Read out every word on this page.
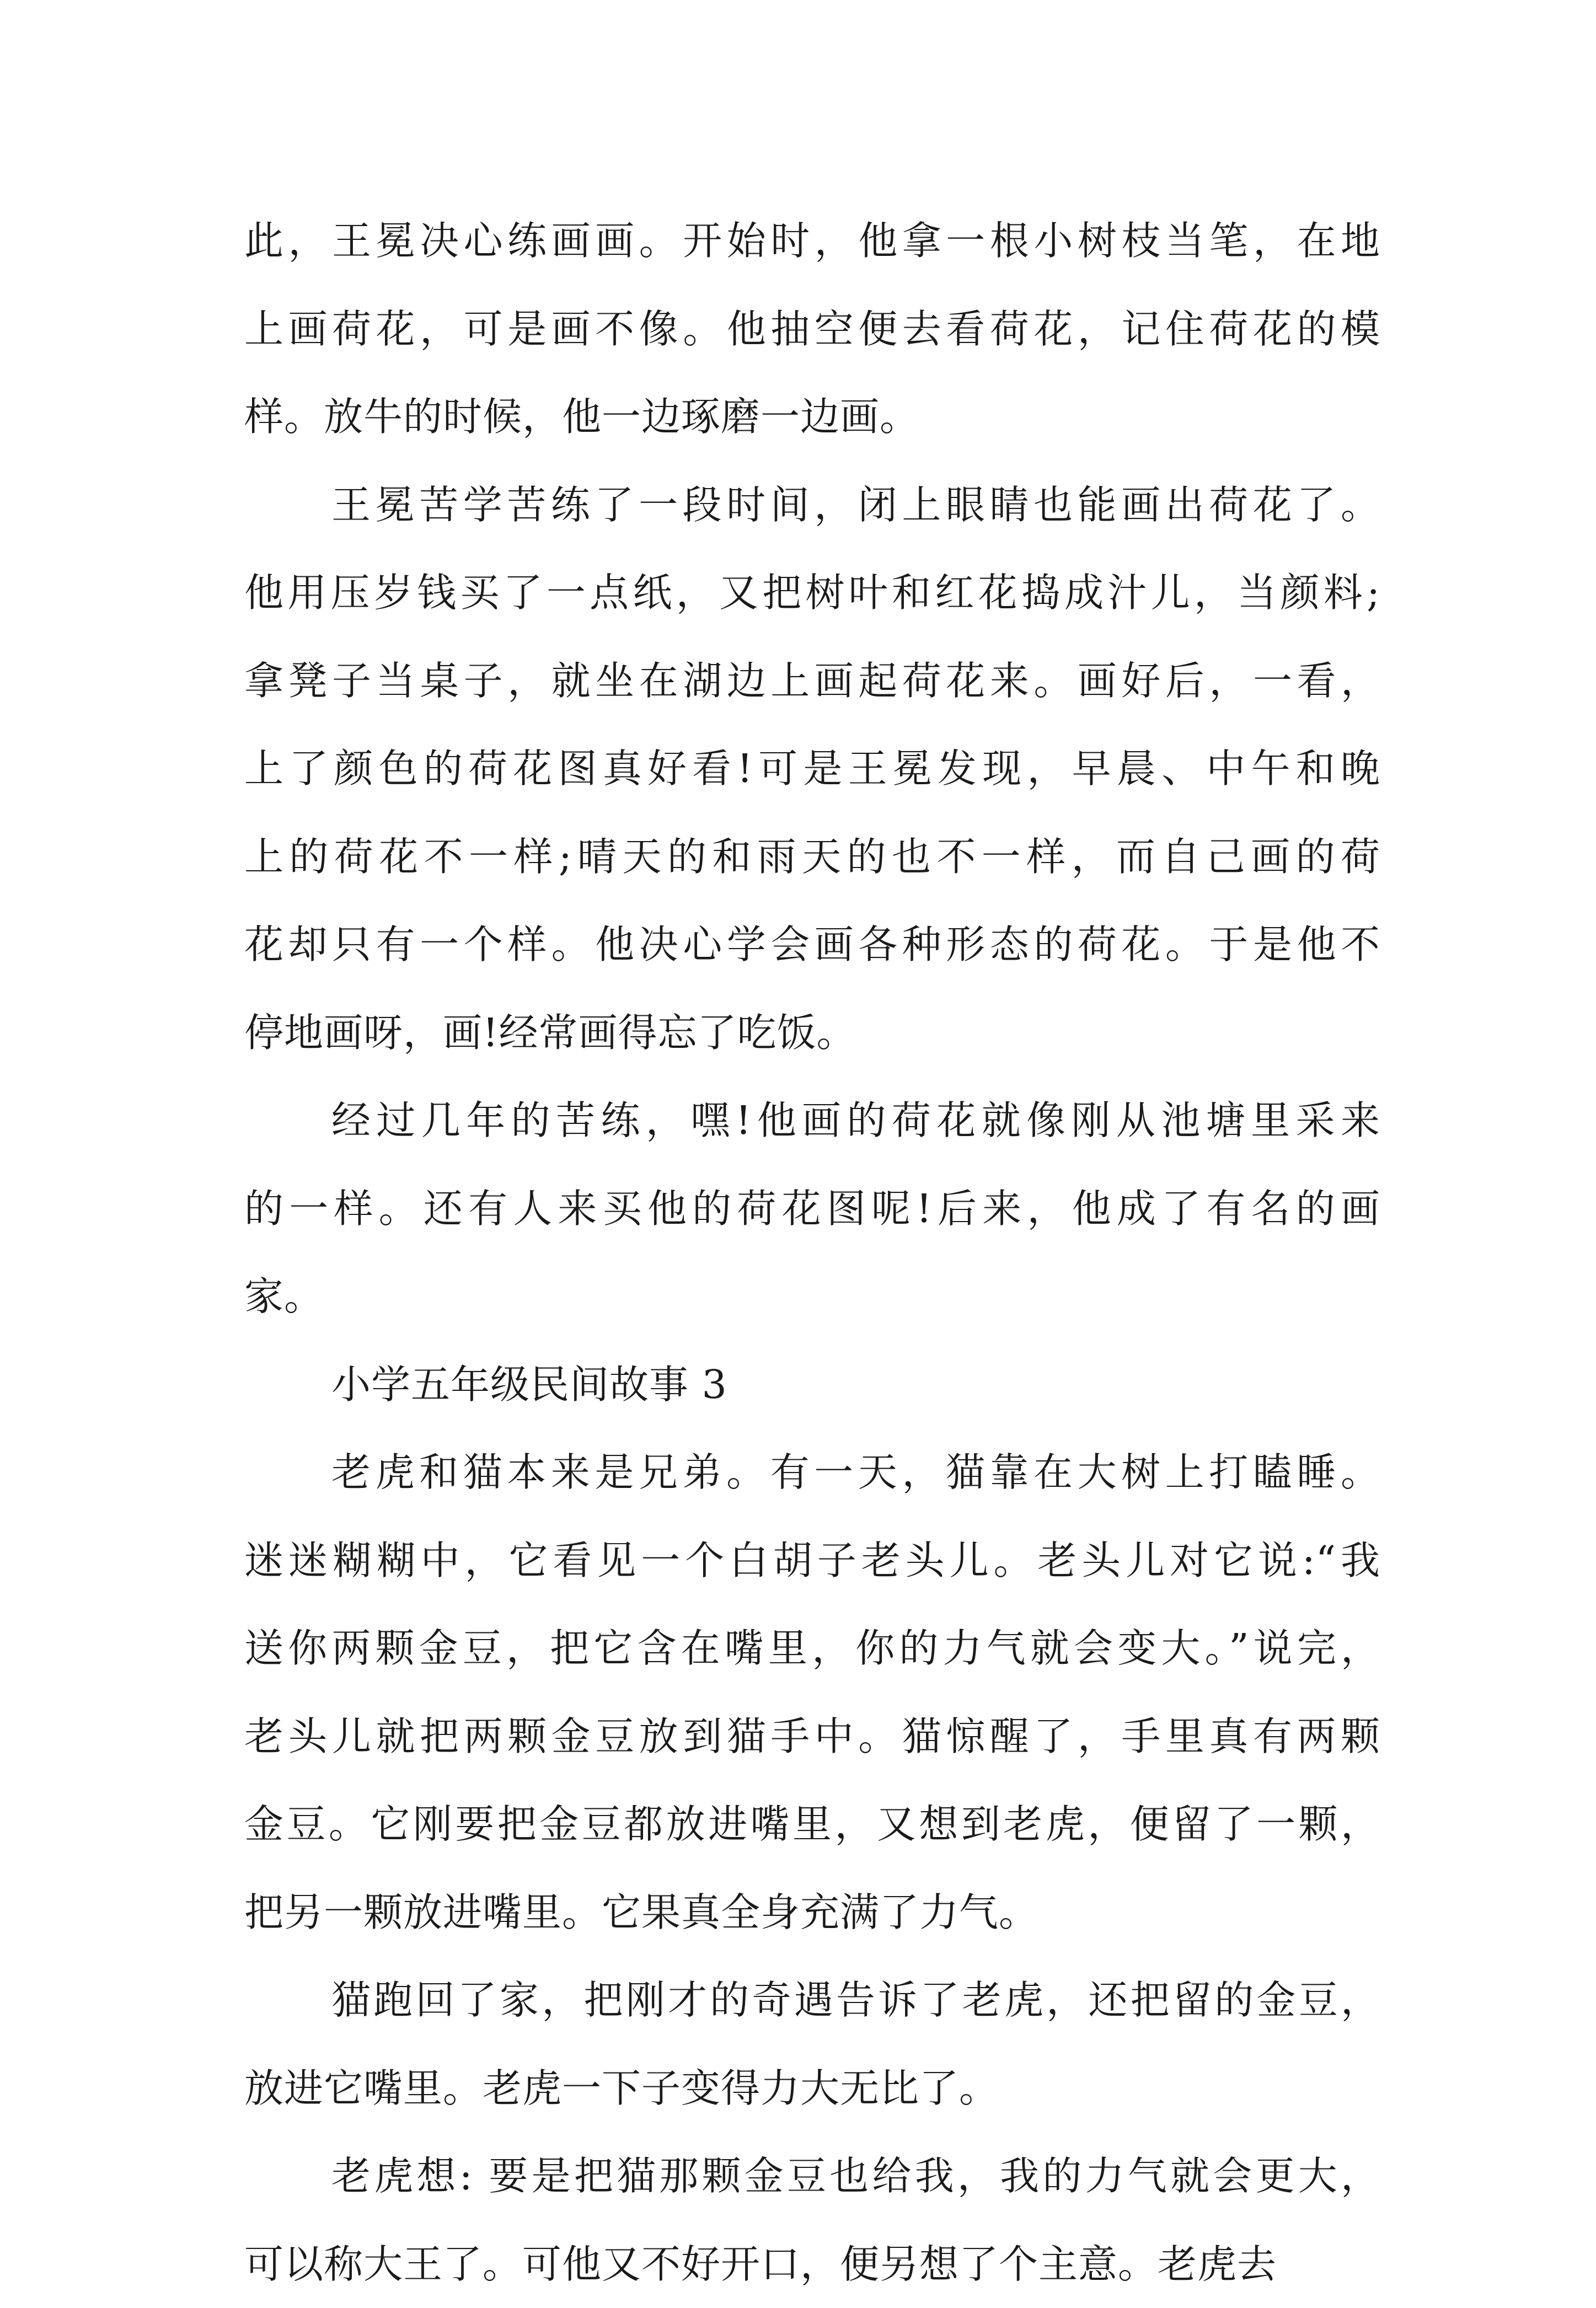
此，王冕决心练画画。开始时，他拿一根小树枝当笔，在地
上画荷花，可是画不像。他抽空便去看荷花，记住荷花的模
样。放牛的时候，他一边琢磨一边画。
王冕苦学苦练了一段时间，闭上眼睛也能画出荷花了。
他用压岁钱买了一点纸，又把树叶和红花捣成汁儿，当颜料;
拿凳子当桌子，就坐在湖边上画起荷花来。画好后，一看，
上了颜色的荷花图真好看!可是王冕发现，早晨、中午和晚
上的荷花不一样;晴天的和雨天的也不一样，而自己画的荷
花却只有一个样。他决心学会画各种形态的荷花。于是他不
停地画呀，画!经常画得忘了吃饭。
经过几年的苦练，嘿!他画的荷花就像刚从池塘里采来
的一样。还有人来买他的荷花图呢!后来，他成了有名的画
家。
小学五年级民间故事 3
老虎和猫本来是兄弟。有一天，猫靠在大树上打瞌睡。
迷迷糊糊中，它看见一个白胡子老头儿。老头儿对它说:“我
送你两颗金豆，把它含在嘴里，你的力气就会变大。”说完，
老头儿就把两颗金豆放到猫手中。猫惊醒了，手里真有两颗
金豆。它刚要把金豆都放进嘴里，又想到老虎，便留了一颗，
把另一颗放进嘴里。它果真全身充满了力气。
猫跑回了家，把刚才的奇遇告诉了老虎，还把留的金豆，
放进它嘴里。老虎一下子变得力大无比了。
老虎想: 要是把猫那颗金豆也给我，我的力气就会更大，
可以称大王了。可他又不好开口，便另想了个主意。老虎去
